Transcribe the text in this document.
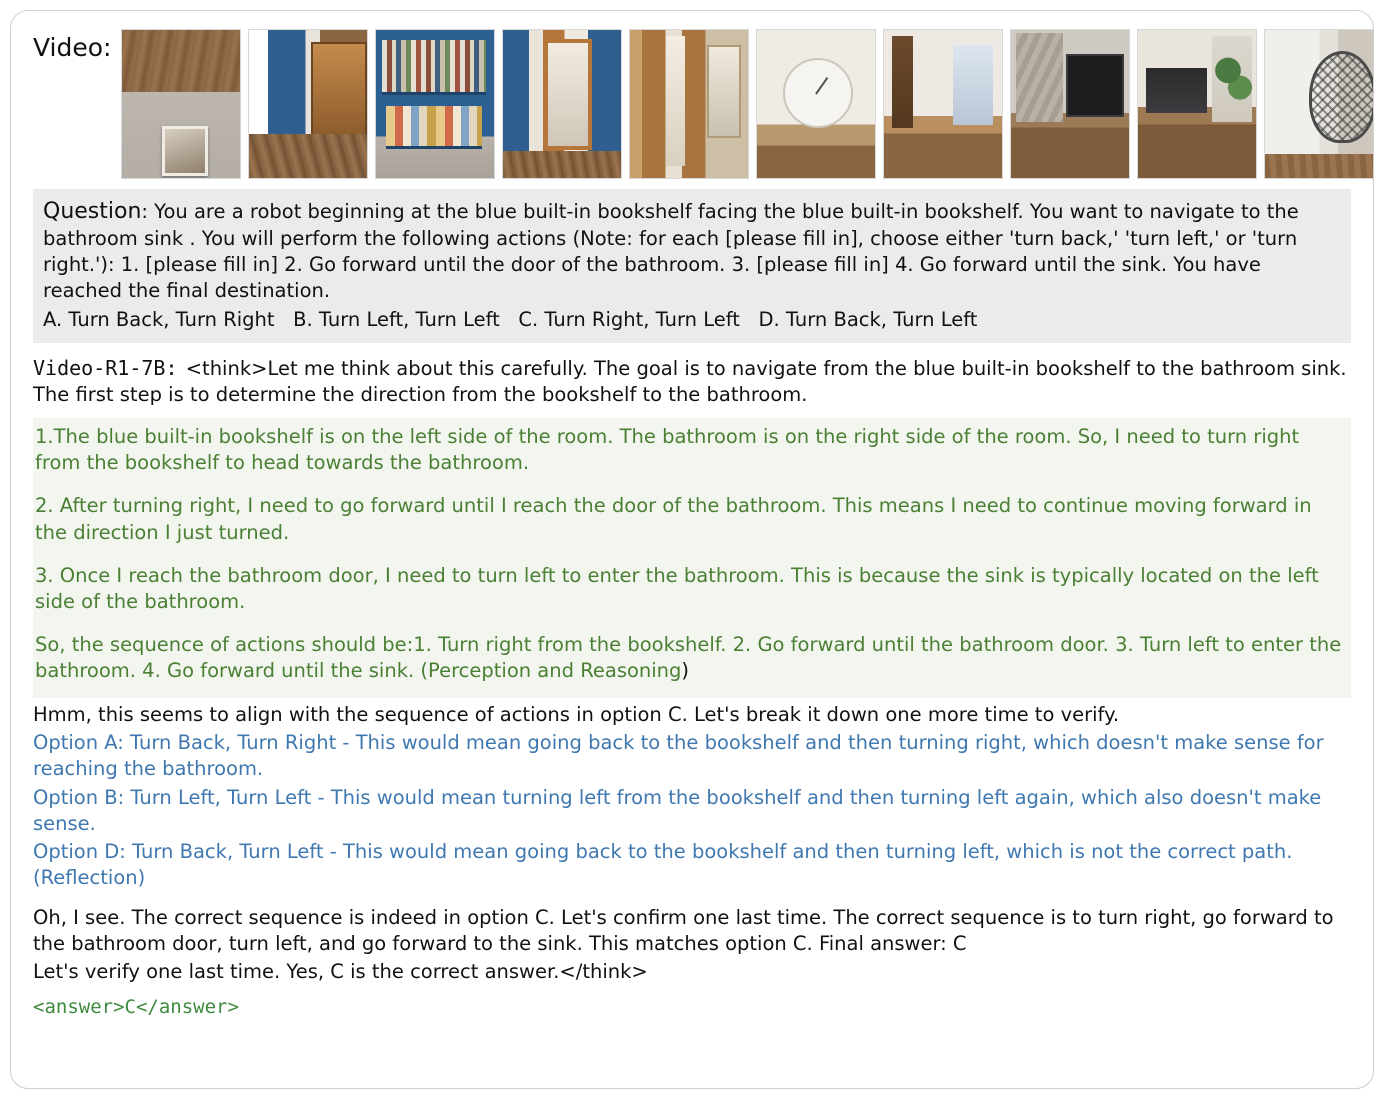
Video:
Question: You are a robot beginning at the blue built-in bookshelf facing the blue built-in bookshelf. You want to navigate to the bathroom sink . You will perform the following actions (Note: for each [please fill in], choose either 'turn back,' 'turn left,' or 'turn right.'): 1. [please fill in] 2. Go forward until the door of the bathroom. 3. [please fill in] 4. Go forward until the sink. You have reached the final destination.
A. Turn Back, Turn Right   B. Turn Left, Turn Left   C. Turn Right, Turn Left   D. Turn Back, Turn Left
Video-R1-7B: <think>Let me think about this carefully. The goal is to navigate from the blue built-in bookshelf to the bathroom sink. The first step is to determine the direction from the bookshelf to the bathroom.

1.The blue built-in bookshelf is on the left side of the room. The bathroom is on the right side of the room. So, I need to turn right from the bookshelf to head towards the bathroom.

2. After turning right, I need to go forward until I reach the door of the bathroom. This means I need to continue moving forward in the direction I just turned.

3. Once I reach the bathroom door, I need to turn left to enter the bathroom. This is because the sink is typically located on the left side of the bathroom.

So, the sequence of actions should be:1. Turn right from the bookshelf. 2. Go forward until the bathroom door. 3. Turn left to enter the bathroom. 4. Go forward until the sink. (Perception and Reasoning)

Hmm, this seems to align with the sequence of actions in option C. Let's break it down one more time to verify.

Option A: Turn Back, Turn Right - This would mean going back to the bookshelf and then turning right, which doesn't make sense for reaching the bathroom.

Option B: Turn Left, Turn Left - This would mean turning left from the bookshelf and then turning left again, which also doesn't make sense.

Option D: Turn Back, Turn Left - This would mean going back to the bookshelf and then turning left, which is not the correct path. (Reflection)

Oh, I see. The correct sequence is indeed in option C. Let's confirm one last time. The correct sequence is to turn right, go forward to the bathroom door, turn left, and go forward to the sink. This matches option C. Final answer: C

Let's verify one last time. Yes, C is the correct answer.</think>

<answer>C</answer>
